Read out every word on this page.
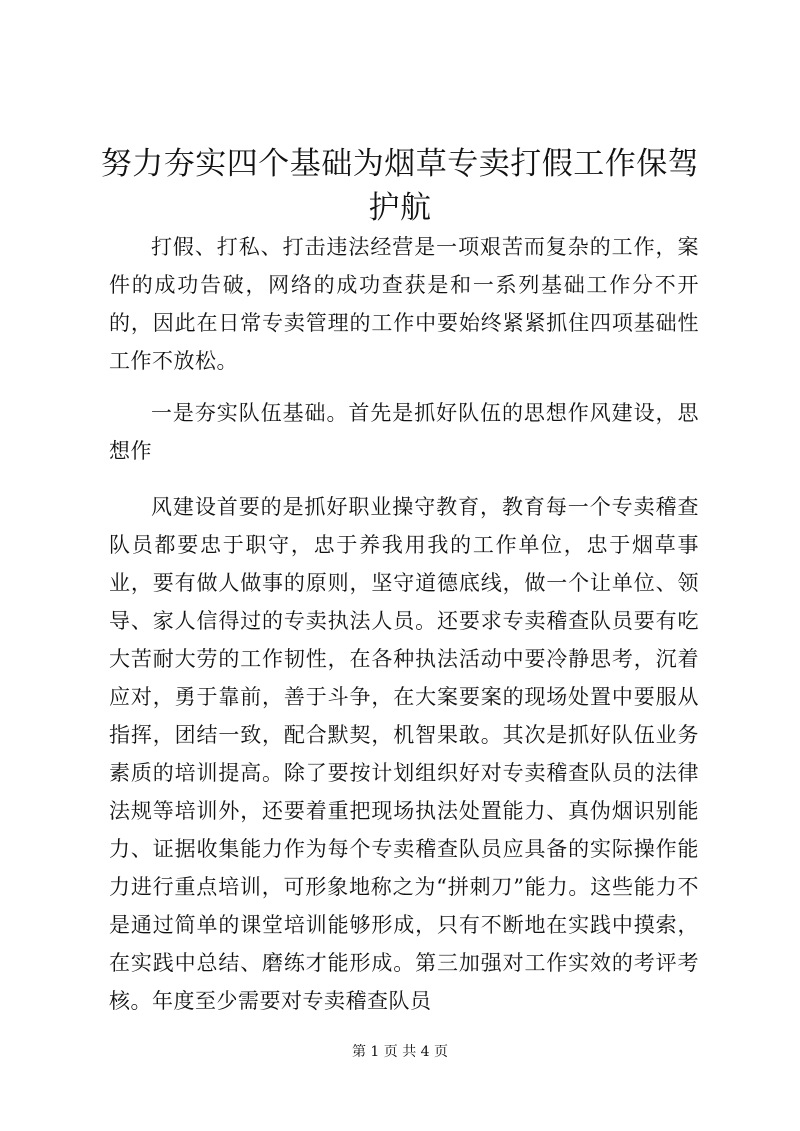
努力夯实四个基础为烟草专卖打假工作保驾护航

打假、打私、打击违法经营是一项艰苦而复杂的工作，案件的成功告破，网络的成功查获是和一系列基础工作分不开的，因此在日常专卖管理的工作中要始终紧紧抓住四项基础性工作不放松。

一是夯实队伍基础。首先是抓好队伍的思想作风建设，思想作

风建设首要的是抓好职业操守教育，教育每一个专卖稽查队员都要忠于职守，忠于养我用我的工作单位，忠于烟草事业，要有做人做事的原则，坚守道德底线，做一个让单位、领导、家人信得过的专卖执法人员。还要求专卖稽查队员要有吃大苦耐大劳的工作韧性，在各种执法活动中要冷静思考，沉着应对，勇于靠前，善于斗争，在大案要案的现场处置中要服从指挥，团结一致，配合默契，机智果敢。其次是抓好队伍业务素质的培训提高。除了要按计划组织好对专卖稽查队员的法律法规等培训外，还要着重把现场执法处置能力、真伪烟识别能力、证据收集能力作为每个专卖稽查队员应具备的实际操作能力进行重点培训，可形象地称之为“拼刺刀”能力。这些能力不是通过简单的课堂培训能够形成，只有不断地在实践中摸索，在实践中总结、磨练才能形成。第三加强对工作实效的考评考核。年度至少需要对专卖稽查队员

第 1 页 共 4 页
